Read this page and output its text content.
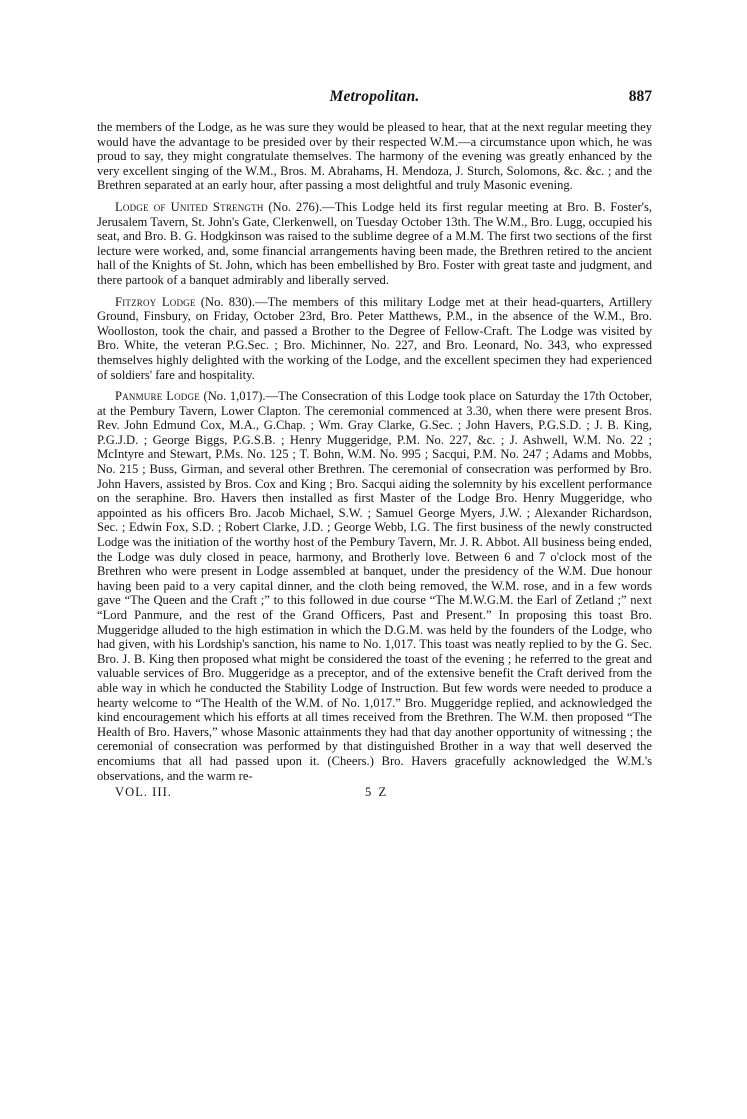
Metropolitan.	887

the members of the Lodge, as he was sure they would be pleased to hear, that at the next regular meeting they would have the advantage to be presided over by their respected W.M.—a circumstance upon which, he was proud to say, they might congratulate themselves. The harmony of the evening was greatly enhanced by the very excellent singing of the W.M., Bros. M. Abrahams, H. Mendoza, J. Sturch, Solomons, &c. &c. ; and the Brethren separated at an early hour, after passing a most delightful and truly Masonic evening.

Lodge of United Strength (No. 276).—This Lodge held its first regular meeting at Bro. B. Foster's, Jerusalem Tavern, St. John's Gate, Clerkenwell, on Tuesday October 13th. The W.M., Bro. Lugg, occupied his seat, and Bro. B. G. Hodgkinson was raised to the sublime degree of a M.M. The first two sections of the first lecture were worked, and, some financial arrangements having been made, the Brethren retired to the ancient hall of the Knights of St. John, which has been embellished by Bro. Foster with great taste and judgment, and there partook of a banquet admirably and liberally served.

Fitzroy Lodge (No. 830).—The members of this military Lodge met at their head-quarters, Artillery Ground, Finsbury, on Friday, October 23rd, Bro. Peter Matthews, P.M., in the absence of the W.M., Bro. Woolloston, took the chair, and passed a Brother to the Degree of Fellow-Craft. The Lodge was visited by Bro. White, the veteran P.G.Sec. ; Bro. Michinner, No. 227, and Bro. Leonard, No. 343, who expressed themselves highly delighted with the working of the Lodge, and the excellent specimen they had experienced of soldiers' fare and hospitality.

Panmure Lodge (No. 1,017).—The Consecration of this Lodge took place on Saturday the 17th October, at the Pembury Tavern, Lower Clapton. The ceremonial commenced at 3.30, when there were present Bros. Rev. John Edmund Cox, M.A., G.Chap. ; Wm. Gray Clarke, G.Sec. ; John Havers, P.G.S.D. ; J. B. King, P.G.J.D. ; George Biggs, P.G.S.B. ; Henry Muggeridge, P.M. No. 227, &c. ; J. Ashwell, W.M. No. 22 ; McIntyre and Stewart, P.Ms. No. 125 ; T. Bohn, W.M. No. 995 ; Sacqui, P.M. No. 247 ; Adams and Mobbs, No. 215 ; Buss, Girman, and several other Brethren. The ceremonial of consecration was performed by Bro. John Havers, assisted by Bros. Cox and King ; Bro. Sacqui aiding the solemnity by his excellent performance on the seraphine. Bro. Havers then installed as first Master of the Lodge Bro. Henry Muggeridge, who appointed as his officers Bro. Jacob Michael, S.W. ; Samuel George Myers, J.W. ; Alexander Richardson, Sec. ; Edwin Fox, S.D. ; Robert Clarke, J.D. ; George Webb, I.G. The first business of the newly constructed Lodge was the initiation of the worthy host of the Pembury Tavern, Mr. J. R. Abbot. All business being ended, the Lodge was duly closed in peace, harmony, and Brotherly love. Between 6 and 7 o'clock most of the Brethren who were present in Lodge assembled at banquet, under the presidency of the W.M. Due honour having been paid to a very capital dinner, and the cloth being removed, the W.M. rose, and in a few words gave “The Queen and the Craft ;” to this followed in due course “The M.W.G.M. the Earl of Zetland ;” next “Lord Panmure, and the rest of the Grand Officers, Past and Present.” In proposing this toast Bro. Muggeridge alluded to the high estimation in which the D.G.M. was held by the founders of the Lodge, who had given, with his Lordship's sanction, his name to No. 1,017. This toast was neatly replied to by the G. Sec. Bro. J. B. King then proposed what might be considered the toast of the evening ; he referred to the great and valuable services of Bro. Muggeridge as a preceptor, and of the extensive benefit the Craft derived from the able way in which he conducted the Stability Lodge of Instruction. But few words were needed to produce a hearty welcome to “The Health of the W.M. of No. 1,017.” Bro. Muggeridge replied, and acknowledged the kind encouragement which his efforts at all times received from the Brethren. The W.M. then proposed “The Health of Bro. Havers,” whose Masonic attainments they had that day another opportunity of witnessing ; the ceremonial of consecration was performed by that distinguished Brother in a way that well deserved the encomiums that all had passed upon it. (Cheers.) Bro. Havers gracefully acknowledged the W.M.'s observations, and the warm re-

VOL. III.	5 Z
